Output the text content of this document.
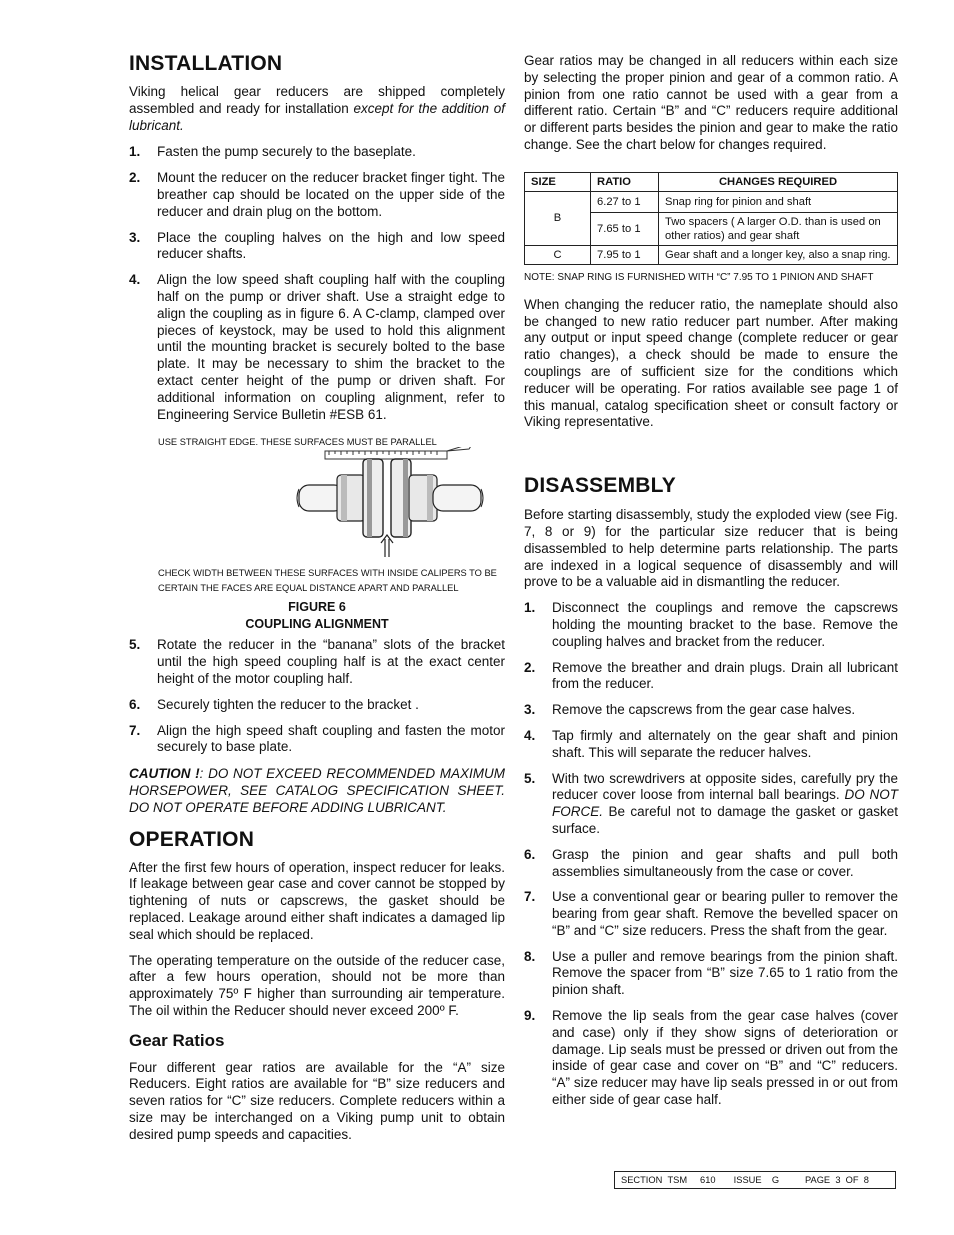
INSTALLATION

Viking helical gear reducers are shipped completely assembled and ready for installation except for the addition of lubricant.

1.	Fasten the pump securely to the baseplate.
2.	Mount the reducer on the reducer bracket finger tight. The breather cap should be located on the upper side of the reducer and drain plug on the bottom.
3.	Place the coupling halves on the high and low speed reducer shafts.
4.	Align the low speed shaft coupling half with the coupling half on the pump or driver shaft. Use a straight edge to align the coupling as in figure 6. A C-clamp, clamped over pieces of keystock, may be used to hold this alignment until the mounting bracket is securely bolted to the base plate. It may be necessary to shim the bracket to the extact center height of the pump or driven shaft. For additional information on coupling alignment, refer to Engineering Service Bulletin #ESB 61.
USE STRAIGHT EDGE. THESE SURFACES MUST BE PARALLEL
CHECK WIDTH BETWEEN THESE SURFACES WITH INSIDE CALIPERS TO BE
CERTAIN THE FACES ARE EQUAL DISTANCE APART AND PARALLEL
FIGURE 6
COUPLING ALIGNMENT
5.	Rotate the reducer in the “banana” slots of the bracket until the high speed coupling half is at the exact center height of the motor coupling half.
6.	Securely tighten the reducer to the bracket .
7.	Align the high speed shaft coupling and fasten the motor securely to base plate.

CAUTION !: DO NOT EXCEED RECOMMENDED MAXIMUM HORSEPOWER, SEE CATALOG SPECIFICATION SHEET. DO NOT OPERATE BEFORE ADDING LUBRICANT.

OPERATION

After the first few hours of operation, inspect reducer for leaks. If leakage between gear case and cover cannot be stopped by tightening of nuts or capscrews, the gasket should be replaced. Leakage around either shaft indicates a damaged lip seal which should be replaced.

The operating temperature on the outside of the reducer case, after a few hours operation, should not be more than approximately 75º F higher than surrounding air temperature. The oil within the Reducer should never exceed 200º F.

Gear Ratios

Four different gear ratios are available for the “A” size Reducers. Eight ratios are available for “B” size reducers and seven ratios for “C” size reducers. Complete reducers within a size may be interchanged on a Viking pump unit to obtain desired pump speeds and capacities.

Gear ratios may be changed in all reducers within each size by selecting the proper pinion and gear of a common ratio. A pinion from one ratio cannot be used with a gear from a different ratio. Certain “B” and “C” reducers require additional or different parts besides the pinion and gear to make the ratio change. See the chart below for changes required.

SIZE	RATIO	CHANGES REQUIRED
B	6.27 to 1	Snap ring for pinion and shaft
	7.65 to 1	Two spacers ( A larger O.D. than is used on other ratios) and gear shaft
C	7.95 to 1	Gear shaft and a longer key, also a snap ring.

NOTE: SNAP RING IS FURNISHED WITH “C” 7.95 TO 1 PINION AND SHAFT

When changing the reducer ratio, the nameplate should also be changed to new ratio reducer part number. After making any output or input speed change (complete reducer or gear ratio changes), a check should be made to ensure the couplings are of sufficient size for the conditions which reducer will be operating. For ratios available see page 1 of this manual, catalog specification sheet or consult factory or Viking representative.

DISASSEMBLY

Before starting disassembly, study the exploded view (see Fig. 7, 8 or 9) for the particular size reducer that is being disassembled to help determine parts relationship. The parts are indexed in a logical sequence of disassembly and will prove to be a valuable aid in dismantling the reducer.

1.	Disconnect the couplings and remove the capscrews holding the mounting bracket to the base. Remove the coupling halves and bracket from the reducer.
2.	Remove the breather and drain plugs. Drain all lubricant from the reducer.
3.	Remove the capscrews from the gear case halves.
4.	Tap firmly and alternately on the gear shaft and pinion shaft. This will separate the reducer halves.
5.	With two screwdrivers at opposite sides, carefully pry the reducer cover loose from internal ball bearings. DO NOT FORCE. Be careful not to damage the gasket or gasket surface.
6.	Grasp the pinion and gear shafts and pull both assemblies simultaneously from the case or cover.
7.	Use a conventional gear or bearing puller to remover the bearing from gear shaft. Remove the bevelled spacer on “B” and “C” size reducers. Press the shaft from the gear.
8.	Use a puller and remove bearings from the pinion shaft. Remove the spacer from “B” size 7.65 to 1 ratio from the pinion shaft.
9.	Remove the lip seals from the gear case halves (cover and case) only if they show signs of deterioration or damage. Lip seals must be pressed or driven out from the inside of gear case and cover on “B” and “C” reducers. “A” size reducer may have lip seals pressed in or out from either side of gear case half.
SECTION
TSM
610
ISSUE
G
	PAGE
3
OF
8
